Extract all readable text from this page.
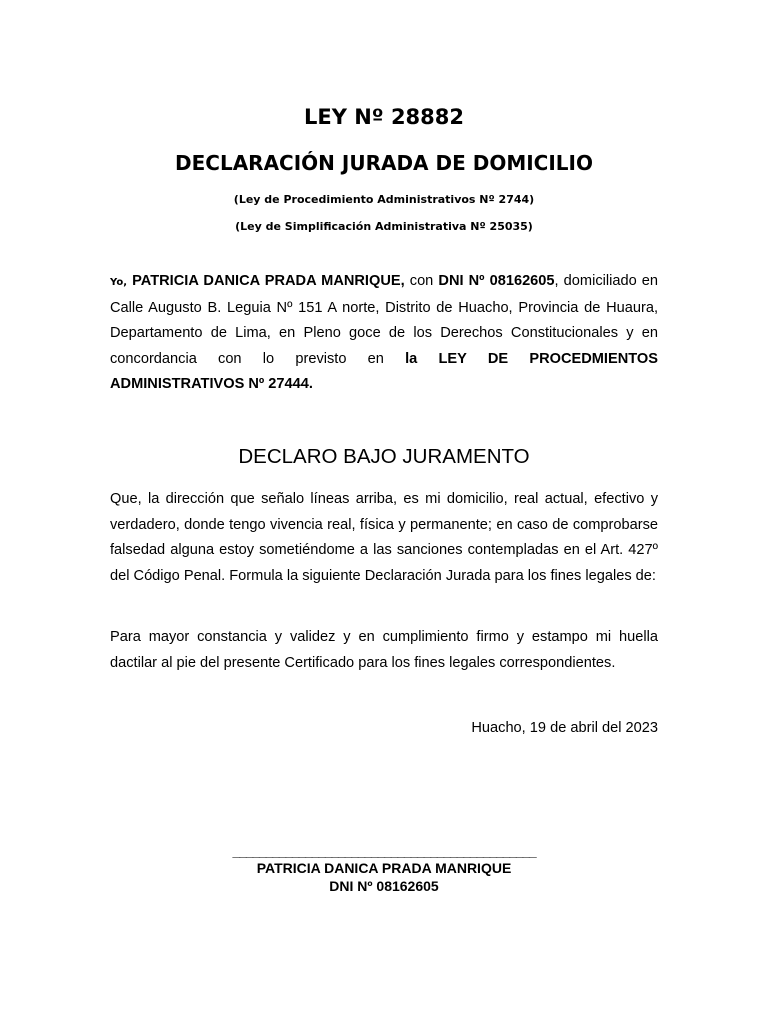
LEY Nº 28882
DECLARACIÓN JURADA DE DOMICILIO
(Ley de Procedimiento Administrativos Nº 2744)
(Ley de Simplificación Administrativa Nº 25035)
Yo, PATRICIA DANICA PRADA MANRIQUE, con DNI Nº 08162605, domiciliado en Calle Augusto B. Leguia Nº 151 A norte, Distrito de Huacho, Provincia de Huaura, Departamento de Lima, en Pleno goce de los Derechos Constitucionales y en concordancia con lo previsto en la LEY DE PROCEDMIENTOS ADMINISTRATIVOS Nº 27444.
DECLARO BAJO JURAMENTO
Que, la dirección que señalo líneas arriba, es mi domicilio, real actual, efectivo y verdadero, donde tengo vivencia real, física y permanente; en caso de comprobarse falsedad alguna estoy sometiéndome a las sanciones contempladas en el Art. 427º del Código Penal. Formula la siguiente Declaración Jurada para los fines legales de:
Para mayor constancia y validez y en cumplimiento firmo y estampo mi huella dactilar al pie del presente Certificado para los fines legales correspondientes.
Huacho, 19 de abril del 2023
______________________________________________
PATRICIA DANICA PRADA MANRIQUE
DNI Nº 08162605
